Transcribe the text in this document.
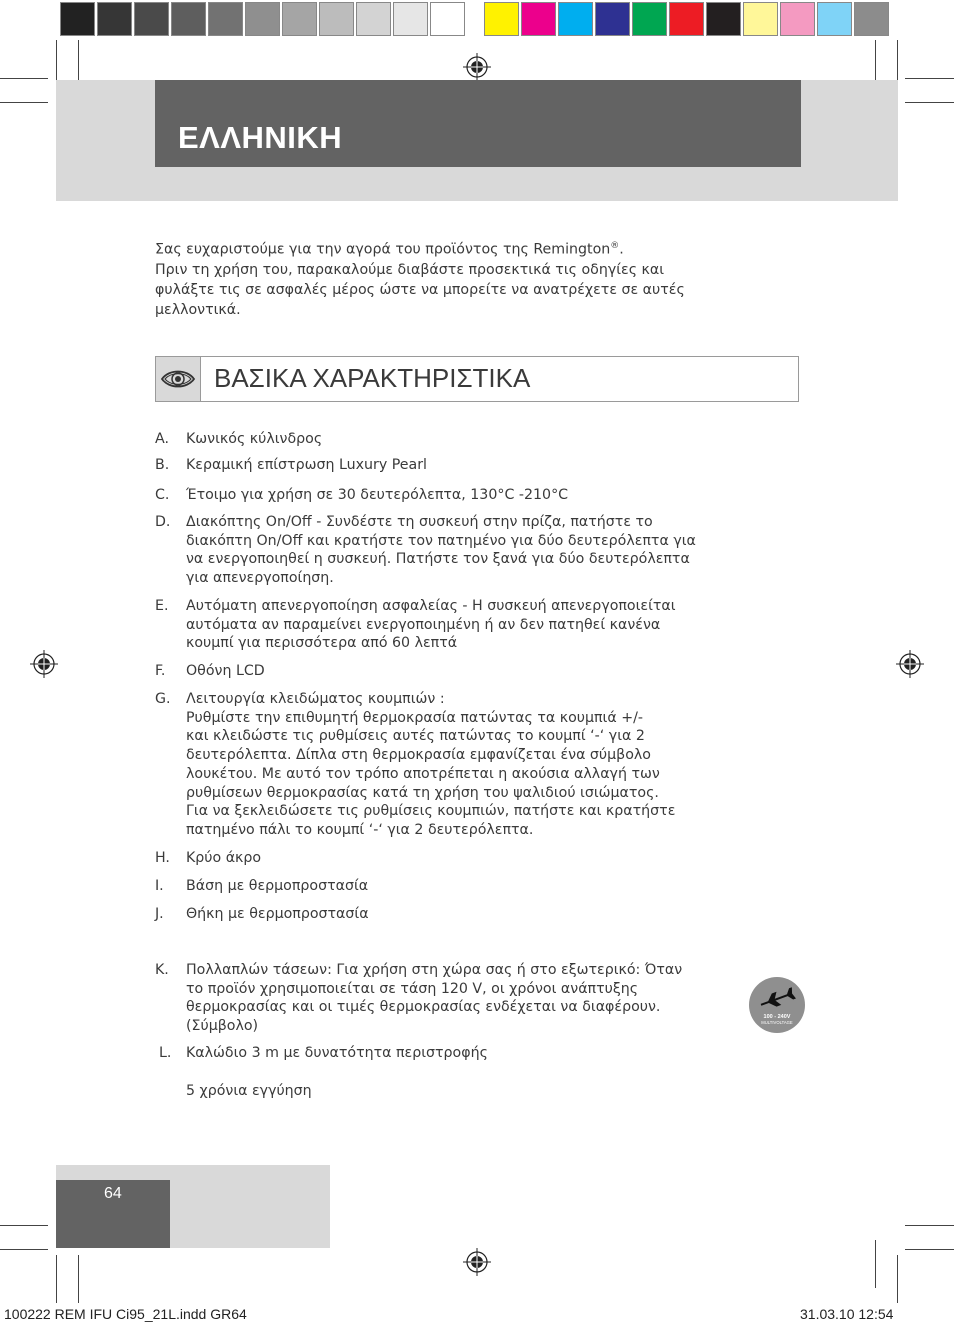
ΕΛΛΗΝΙΚΗ

Σας ευχαριστούμε για την αγορά του προϊόντος της Remington®.

Πριν τη χρήση του, παρακαλούμε διαβάστε προσεκτικά τις οδηγίες και

φυλάξτε τις σε ασφαλές μέρος ώστε να μπορείτε να ανατρέχετε σε αυτές

μελλοντικά.

ΒΑΣΙΚΑ ΧΑΡΑΚΤΗΡΙΣΤΙΚΑ
A. Κωνικός κύλινδρος
B. Κεραμική επίστρωση Luxury Pearl
C. Έτοιμο για χρήση σε 30 δευτερόλεπτα, 130°C -210°C
D. Διακόπτης On/Off - Συνδέστε τη συσκευή στην πρίζα, πατήστε το
διακόπτη On/Off και κρατήστε τον πατημένο για δύο δευτερόλεπτα για
να ενεργοποιηθεί η συσκευή. Πατήστε τον ξανά για δύο δευτερόλεπτα
για απενεργοποίηση.
E. Αυτόματη απενεργοποίηση ασφαλείας - Η συσκευή απενεργοποιείται
αυτόματα αν παραμείνει ενεργοποιημένη ή αν δεν πατηθεί κανένα
κουμπί για περισσότερα από 60 λεπτά
F. Οθόνη LCD
G. Λειτουργία κλειδώματος κουμπιών :
Ρυθμίστε την επιθυμητή θερμοκρασία πατώντας τα κουμπιά +/-
και κλειδώστε τις ρυθμίσεις αυτές πατώντας το κουμπί ‘-‘ για 2
δευτερόλεπτα. Δίπλα στη θερμοκρασία εμφανίζεται ένα σύμβολο
λουκέτου. Με αυτό τον τρόπο αποτρέπεται η ακούσια αλλαγή των
ρυθμίσεων θερμοκρασίας κατά τη χρήση του ψαλιδιού ισιώματος.
Για να ξεκλειδώσετε τις ρυθμίσεις κουμπιών, πατήστε και κρατήστε
πατημένο πάλι το κουμπί ‘-‘ για 2 δευτερόλεπτα.
H. Κρύο άκρο
I. Βάση με θερμοπροστασία
J. Θήκη με θερμοπροστασία
K. Πολλαπλών τάσεων: Για χρήση στη χώρα σας ή στο εξωτερικό: Όταν
το προϊόν χρησιμοποιείται σε τάση 120 V, οι χρόνοι ανάπτυξης
θερμοκρασίας και οι τιμές θερμοκρασίας ενδέχεται να διαφέρουν.
(Σύμβολο)
L. Καλώδιο 3 m με δυνατότητα περιστροφής
5 χρόνια εγγύηση
100 - 240V
MULTIVOLTAGE
64
100222 REM IFU Ci95_21L.indd GR64	31.03.10 12:54
